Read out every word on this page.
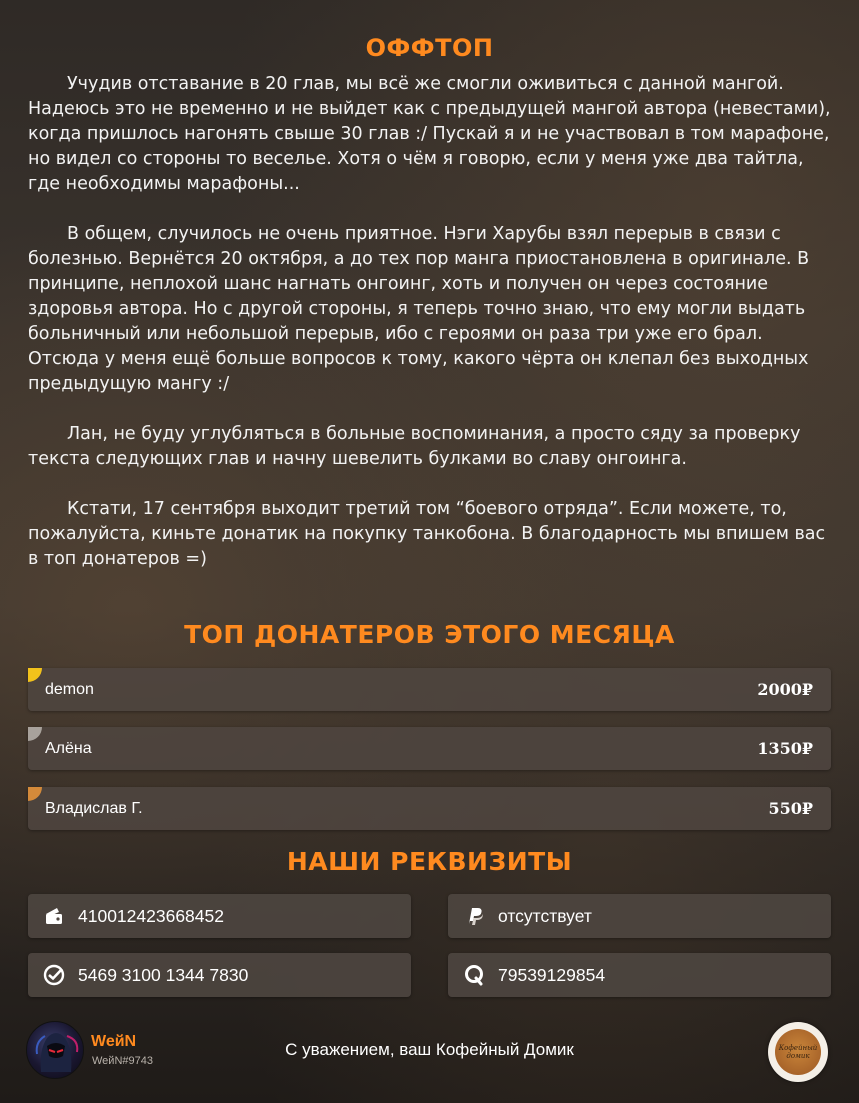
ОФФТОП

Учудив отставание в 20 глав, мы всё же смогли оживиться с данной мангой. Надеюсь это не временно и не выйдет как с предыдущей мангой автора (невестами), когда пришлось нагонять свыше 30 глав :/ Пускай я и не участвовал в том марафоне, но видел со стороны то веселье. Хотя о чём я говорю, если у меня уже два тайтла, где необходимы марафоны...

В общем, случилось не очень приятное. Нэги Харубы взял перерыв в связи с болезнью. Вернётся 20 октября, а до тех пор манга приостановлена в оригинале. В принципе, неплохой шанс нагнать онгоинг, хоть и получен он через состояние здоровья автора. Но с другой стороны, я теперь точно знаю, что ему могли выдать больничный или небольшой перерыв, ибо с героями он раза три уже его брал. Отсюда у меня ещё больше вопросов к тому, какого чёрта он клепал без выходных предыдущую мангу :/

Лан, не буду углубляться в больные воспоминания, а просто сяду за проверку текста следующих глав и начну шевелить булками во славу онгоинга.

Кстати, 17 сентября выходит третий том “боевого отряда”. Если можете, то, пожалуйста, киньте донатик на покупку танкобона. В благодарность мы впишем вас в топ донатеров =)

ТОП ДОНАТЕРОВ ЭТОГО МЕСЯЦА
demon	2000₽
Алёна	1350₽
Владислав Г.	550₽
НАШИ РЕКВИЗИТЫ
410012423668452	отсутствует
5469 3100 1344 7830	79539129854
WeйN
WeйN#9743
С уважением, ваш Кофейный Домик	Кофейный домик
